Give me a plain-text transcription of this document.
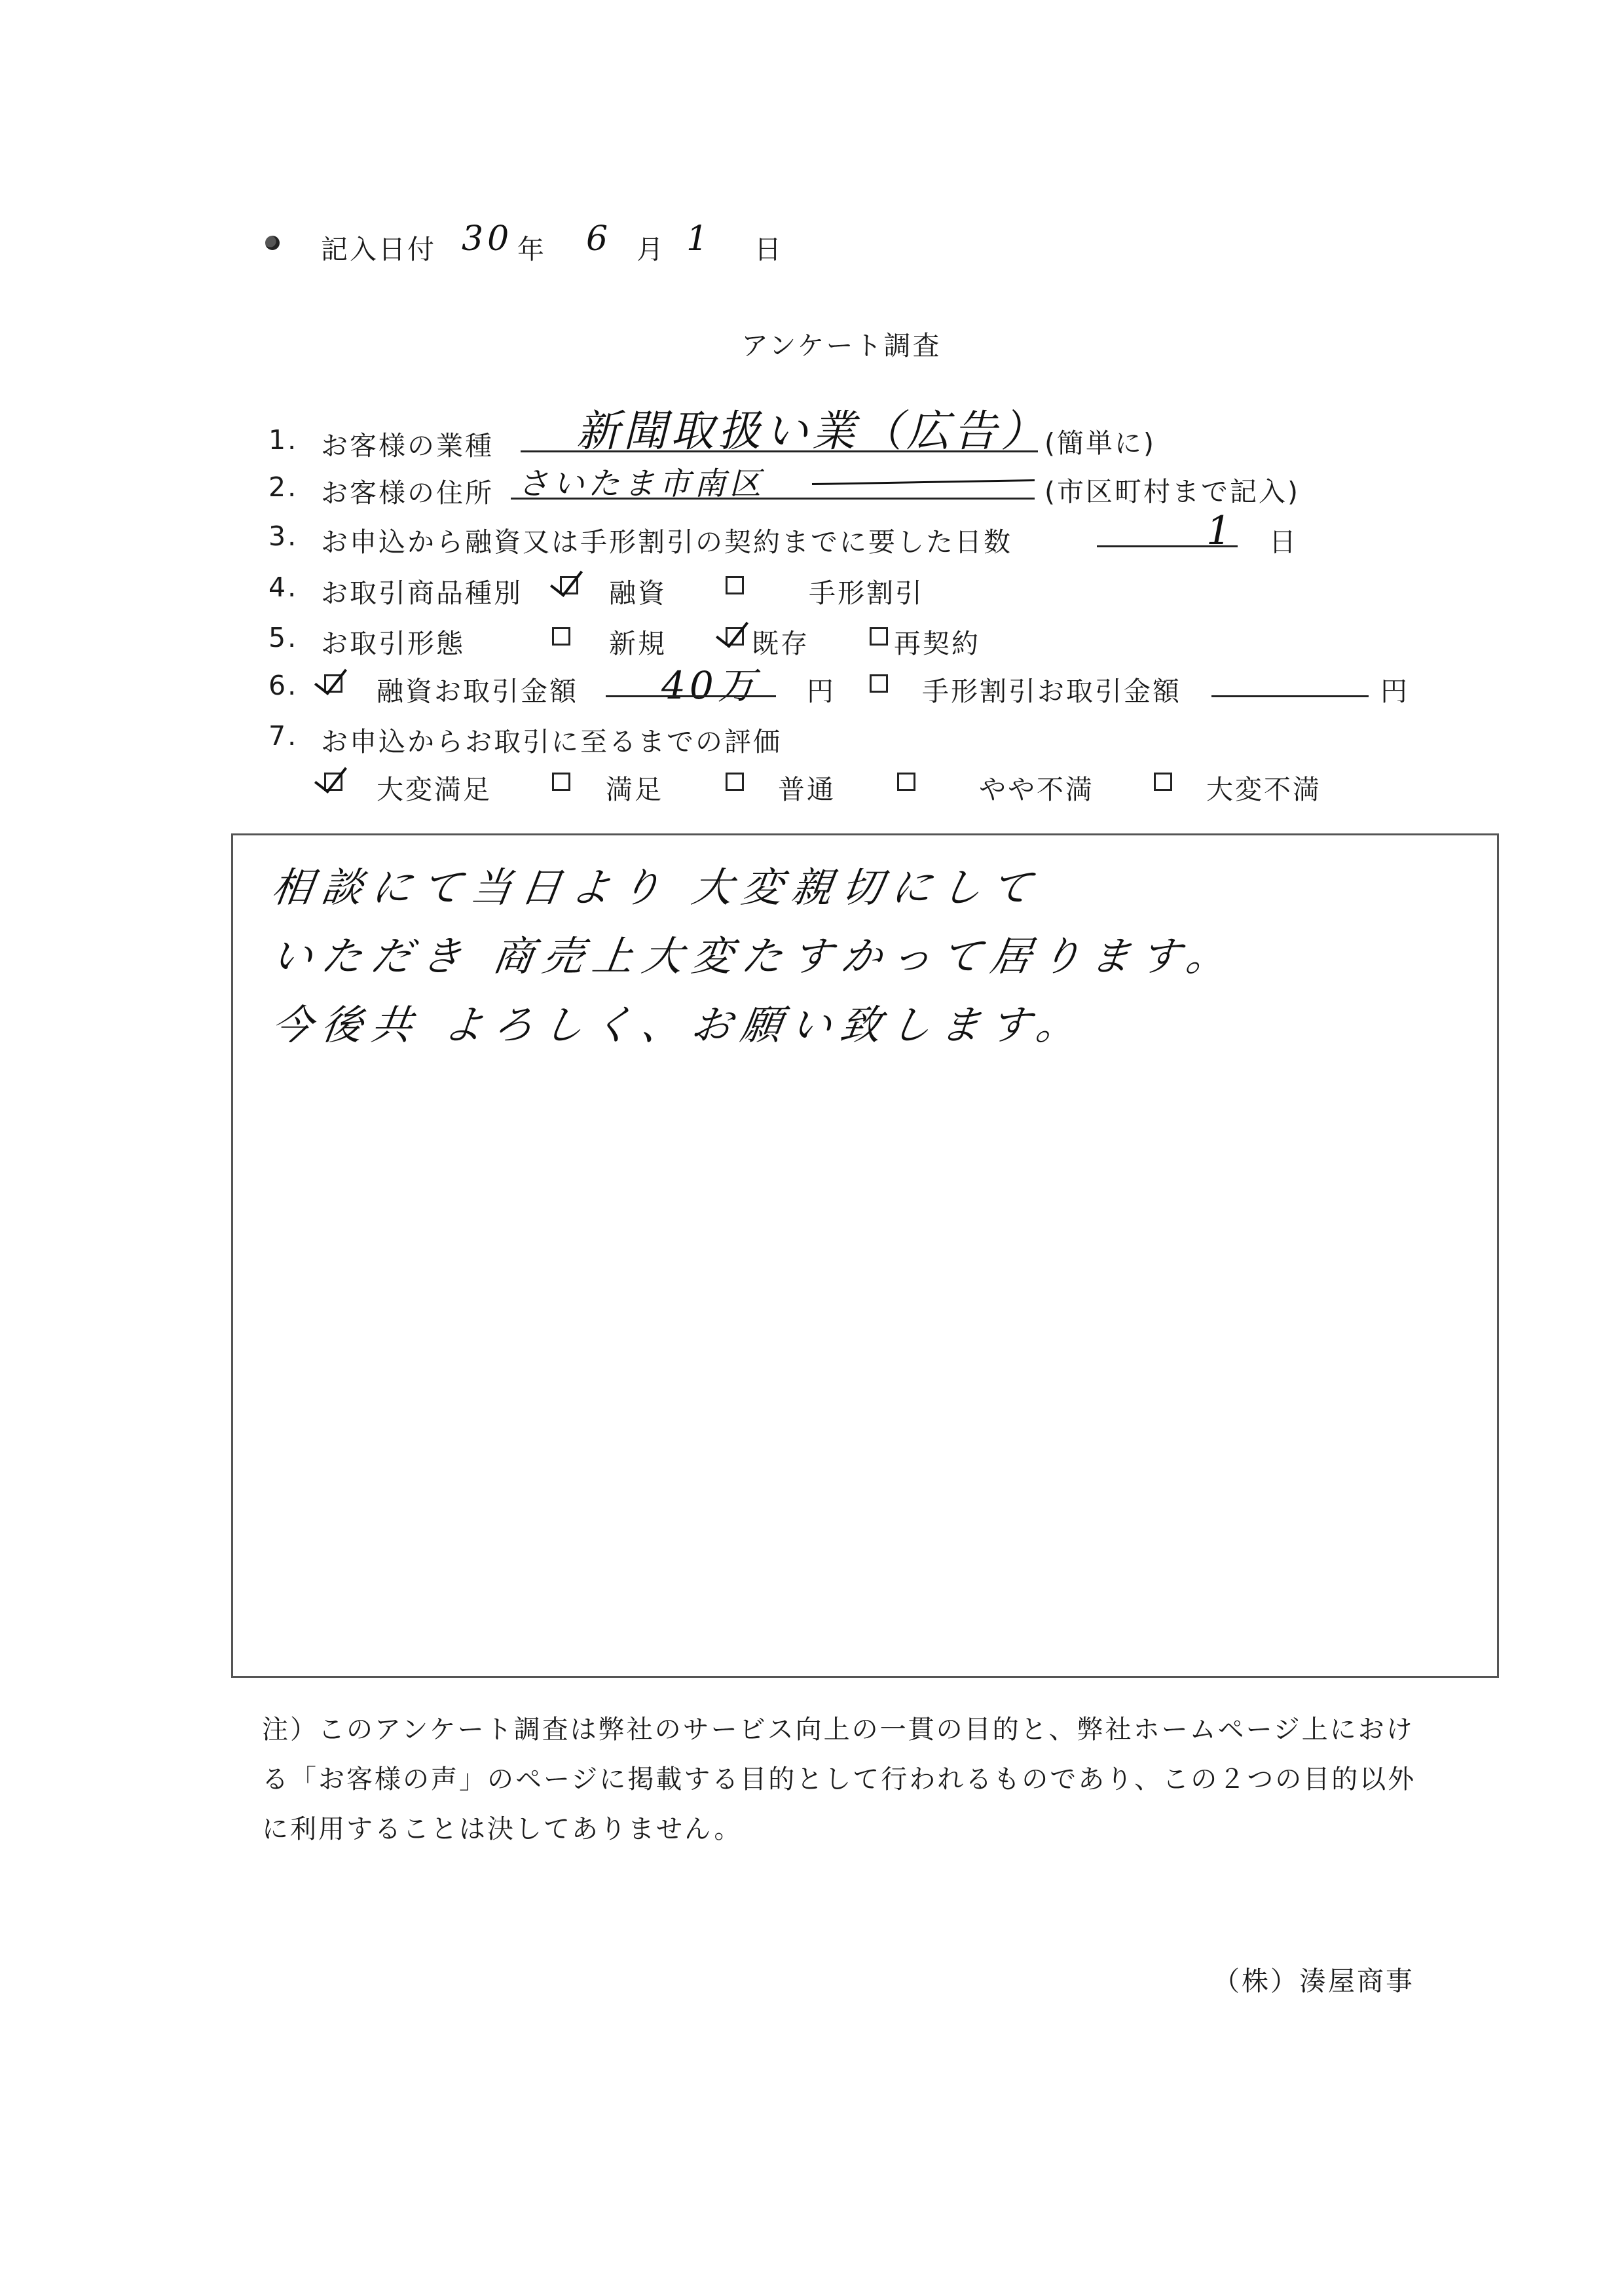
記入日付 30 年 6 月 1 日
アンケート調査
1. お客様の業種 新聞取扱い業（広告）
(簡単に)
2. お客様の住所 さいたま市南区	(市区町村まで記入)
3. お申込から融資又は手形割引の契約までに要した日数	1 日
4. お取引商品種別	融資	手形割引
5. お取引形態	新規	既存	再契約
6.	融資お取引金額 40万 円	手形割引お取引金額	円
7. お申込からお取引に至るまでの評価
大変満足	満足	普通	やや不満	大変不満
相談にて当日より 大変親切にして
いただき 商売上大変たすかって居ります。
今後共 よろしく、お願い致します。
注）このアンケート調査は弊社のサービス向上の一貫の目的と、弊社ホームページ上におけ
る「お客様の声」のページに掲載する目的として行われるものであり、この２つの目的以外
に利用することは決してありません。
（株）湊屋商事
